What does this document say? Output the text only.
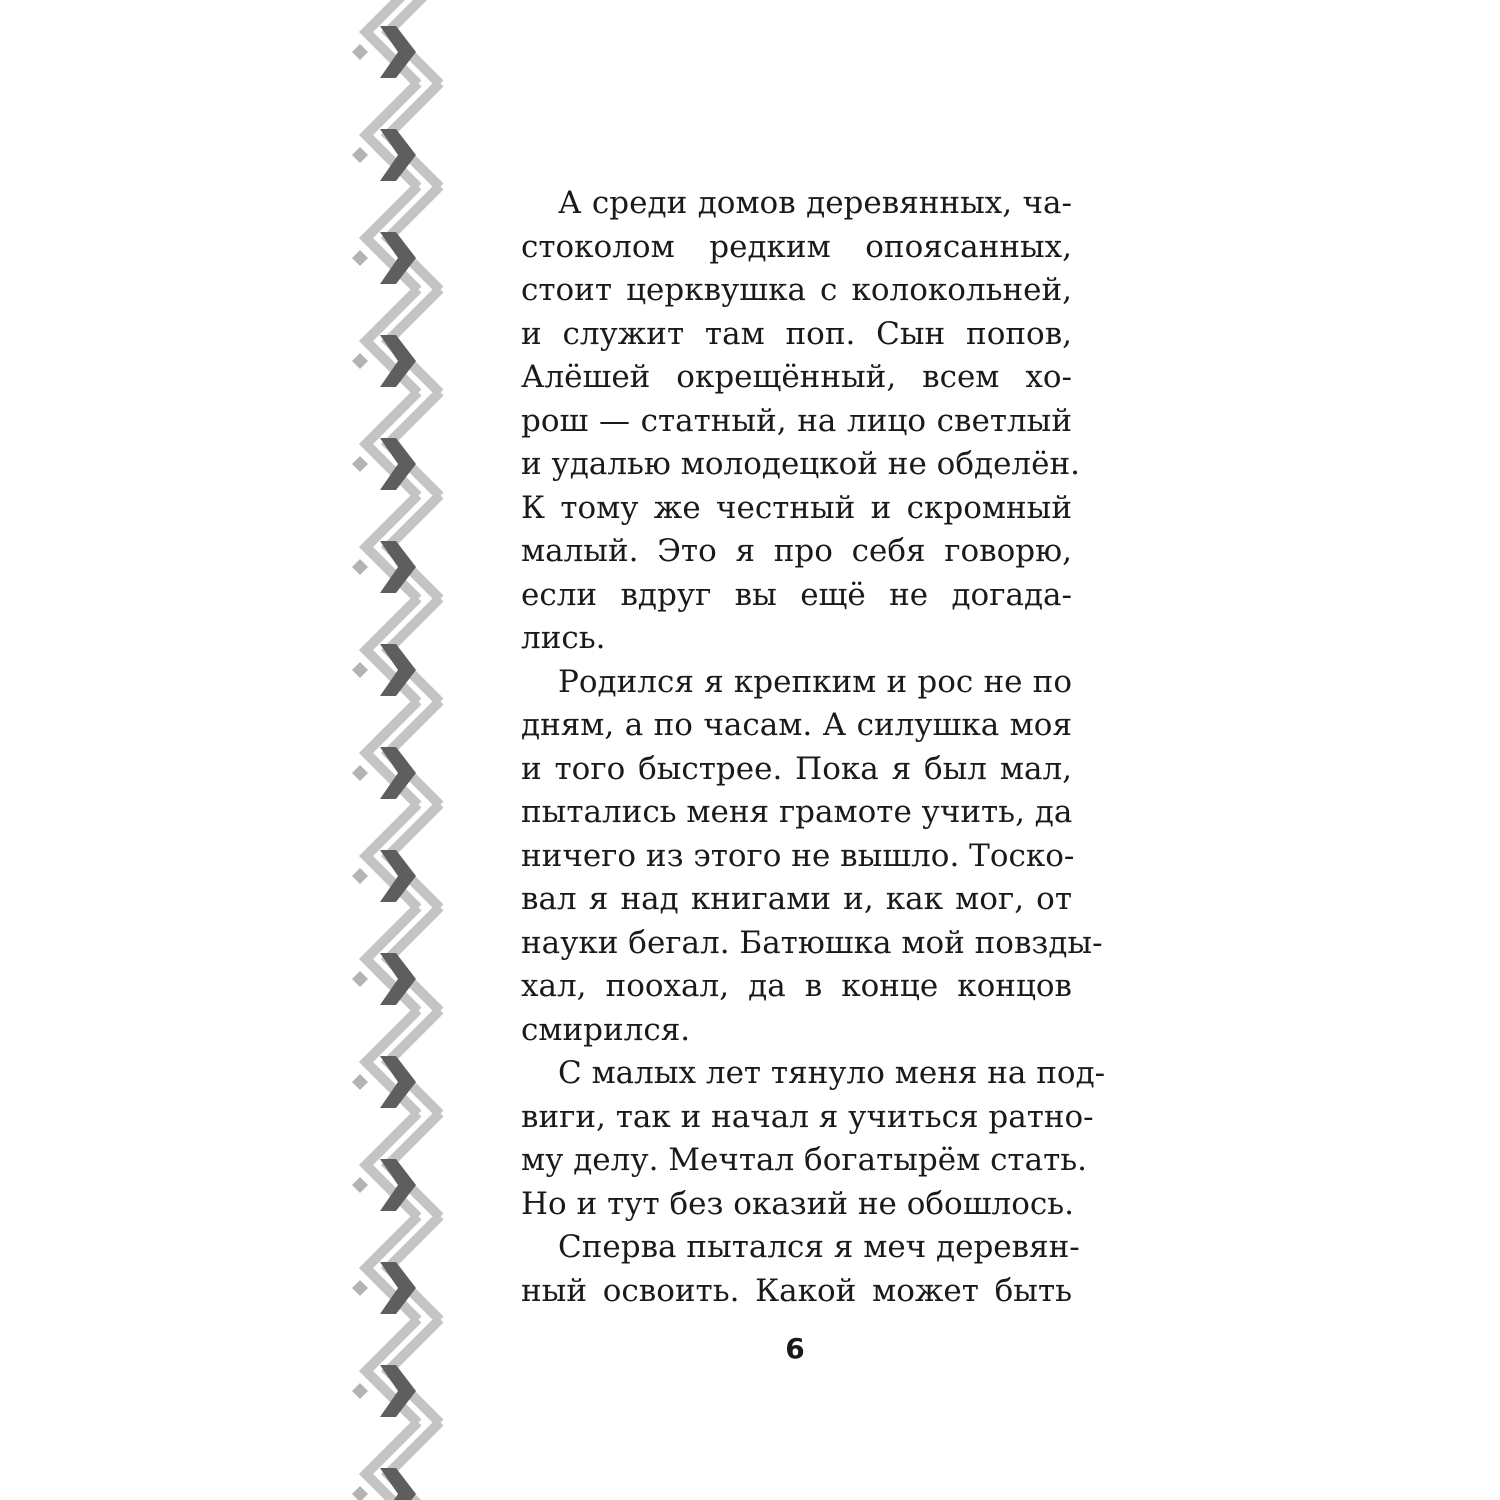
А среди домов деревянных, ча-
стоколом редким опоясанных,
стоит церквушка с колокольней,
и служит там поп. Сын попов,
Алёшей окрещённый, всем хо-
рош — статный, на лицо светлый
и удалью молодецкой не обделён.
К тому же честный и скромный
малый. Это я про себя говорю,
если вдруг вы ещё не догада-
лись.
Родился я крепким и рос не по
дням, а по часам. А силушка моя
и того быстрее. Пока я был мал,
пытались меня грамоте учить, да
ничего из этого не вышло. Тоско-
вал я над книгами и, как мог, от
науки бегал. Батюшка мой повзды-
хал, поохал, да в конце концов
смирился.
С малых лет тянуло меня на под-
виги, так и начал я учиться ратно-
му делу. Мечтал богатырём стать.
Но и тут без оказий не обошлось.
Сперва пытался я меч деревян-
ный освоить. Какой может быть
6
